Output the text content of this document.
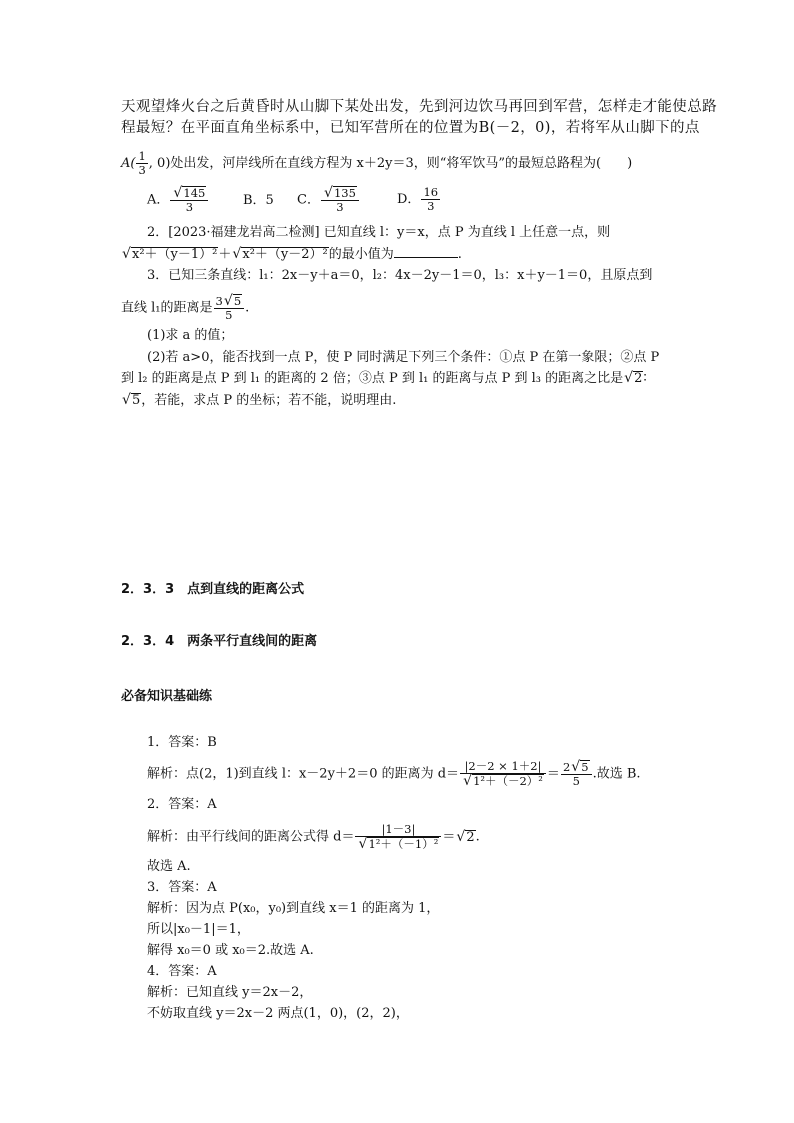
天观望烽火台之后黄昏时从山脚下某处出发，先到河边饮马再回到军营，怎样走才能使总路
程最短？在平面直角坐标系中，已知军营所在的位置为B(－2，0)，若将军从山脚下的点
$A( \frac{1}{3}$ , 0)处出发，河岸线所在直线方程为 x＋2y＝3，则“将军饮马”的最短总路程为(　　)
A． √ $\frac{145}{3}$	B．5 C． √ $\frac{135}{3}$	D． $\frac{16}{3}$
2．[2023·福建龙岩高二检测] 已知直线 l：y＝x，点 P 为直线 l 上任意一点，则
√ x²＋（y－1）²＋ √ x²＋（y－2）²的最小值为	.
3．已知三条直线：l₁：2x－y＋a＝0，l₂：4x－2y－1＝0，l₃：x＋y－1＝0，且原点到
直线 l₁的距离是 $\frac{3 √ 5}{5}$ .
(1)求 a 的值；
(2)若 a>0，能否找到一点 P，使 P 同时满足下列三个条件：①点 P 在第一象限；②点 P
到 l₂ 的距离是点 P 到 l₁ 的距离的 2 倍；③点 P 到 l₁ 的距离与点 P 到 l₃ 的距离之比是 √ 2∶
√ 5，若能，求点 P 的坐标；若不能，说明理由.
2．3．3　点到直线的距离公式
2．3．4　两条平行直线间的距离
必备知识基础练
1．答案：B
解析：点(2，1)到直线 l：x－2y＋2＝0 的距离为 d＝ |2－2 × 1＋2|
√ $1^2+(-2)^2 = \frac{2 √ 5}{5}$ .故选 B.
2．答案：A
解析：由平行线间的距离公式得 d＝ |1－3|
√ 1²＋（－1）² ＝ √ 2.
故选 A.
3．答案：A
解析：因为点 P(x₀，y₀)到直线 x＝1 的距离为 1，
所以|x₀－1|＝1，
解得 x₀＝0 或 x₀＝2.故选 A.
4．答案：A
解析：已知直线 y＝2x－2，
不妨取直线 y＝2x－2 两点(1，0)，(2，2)，
